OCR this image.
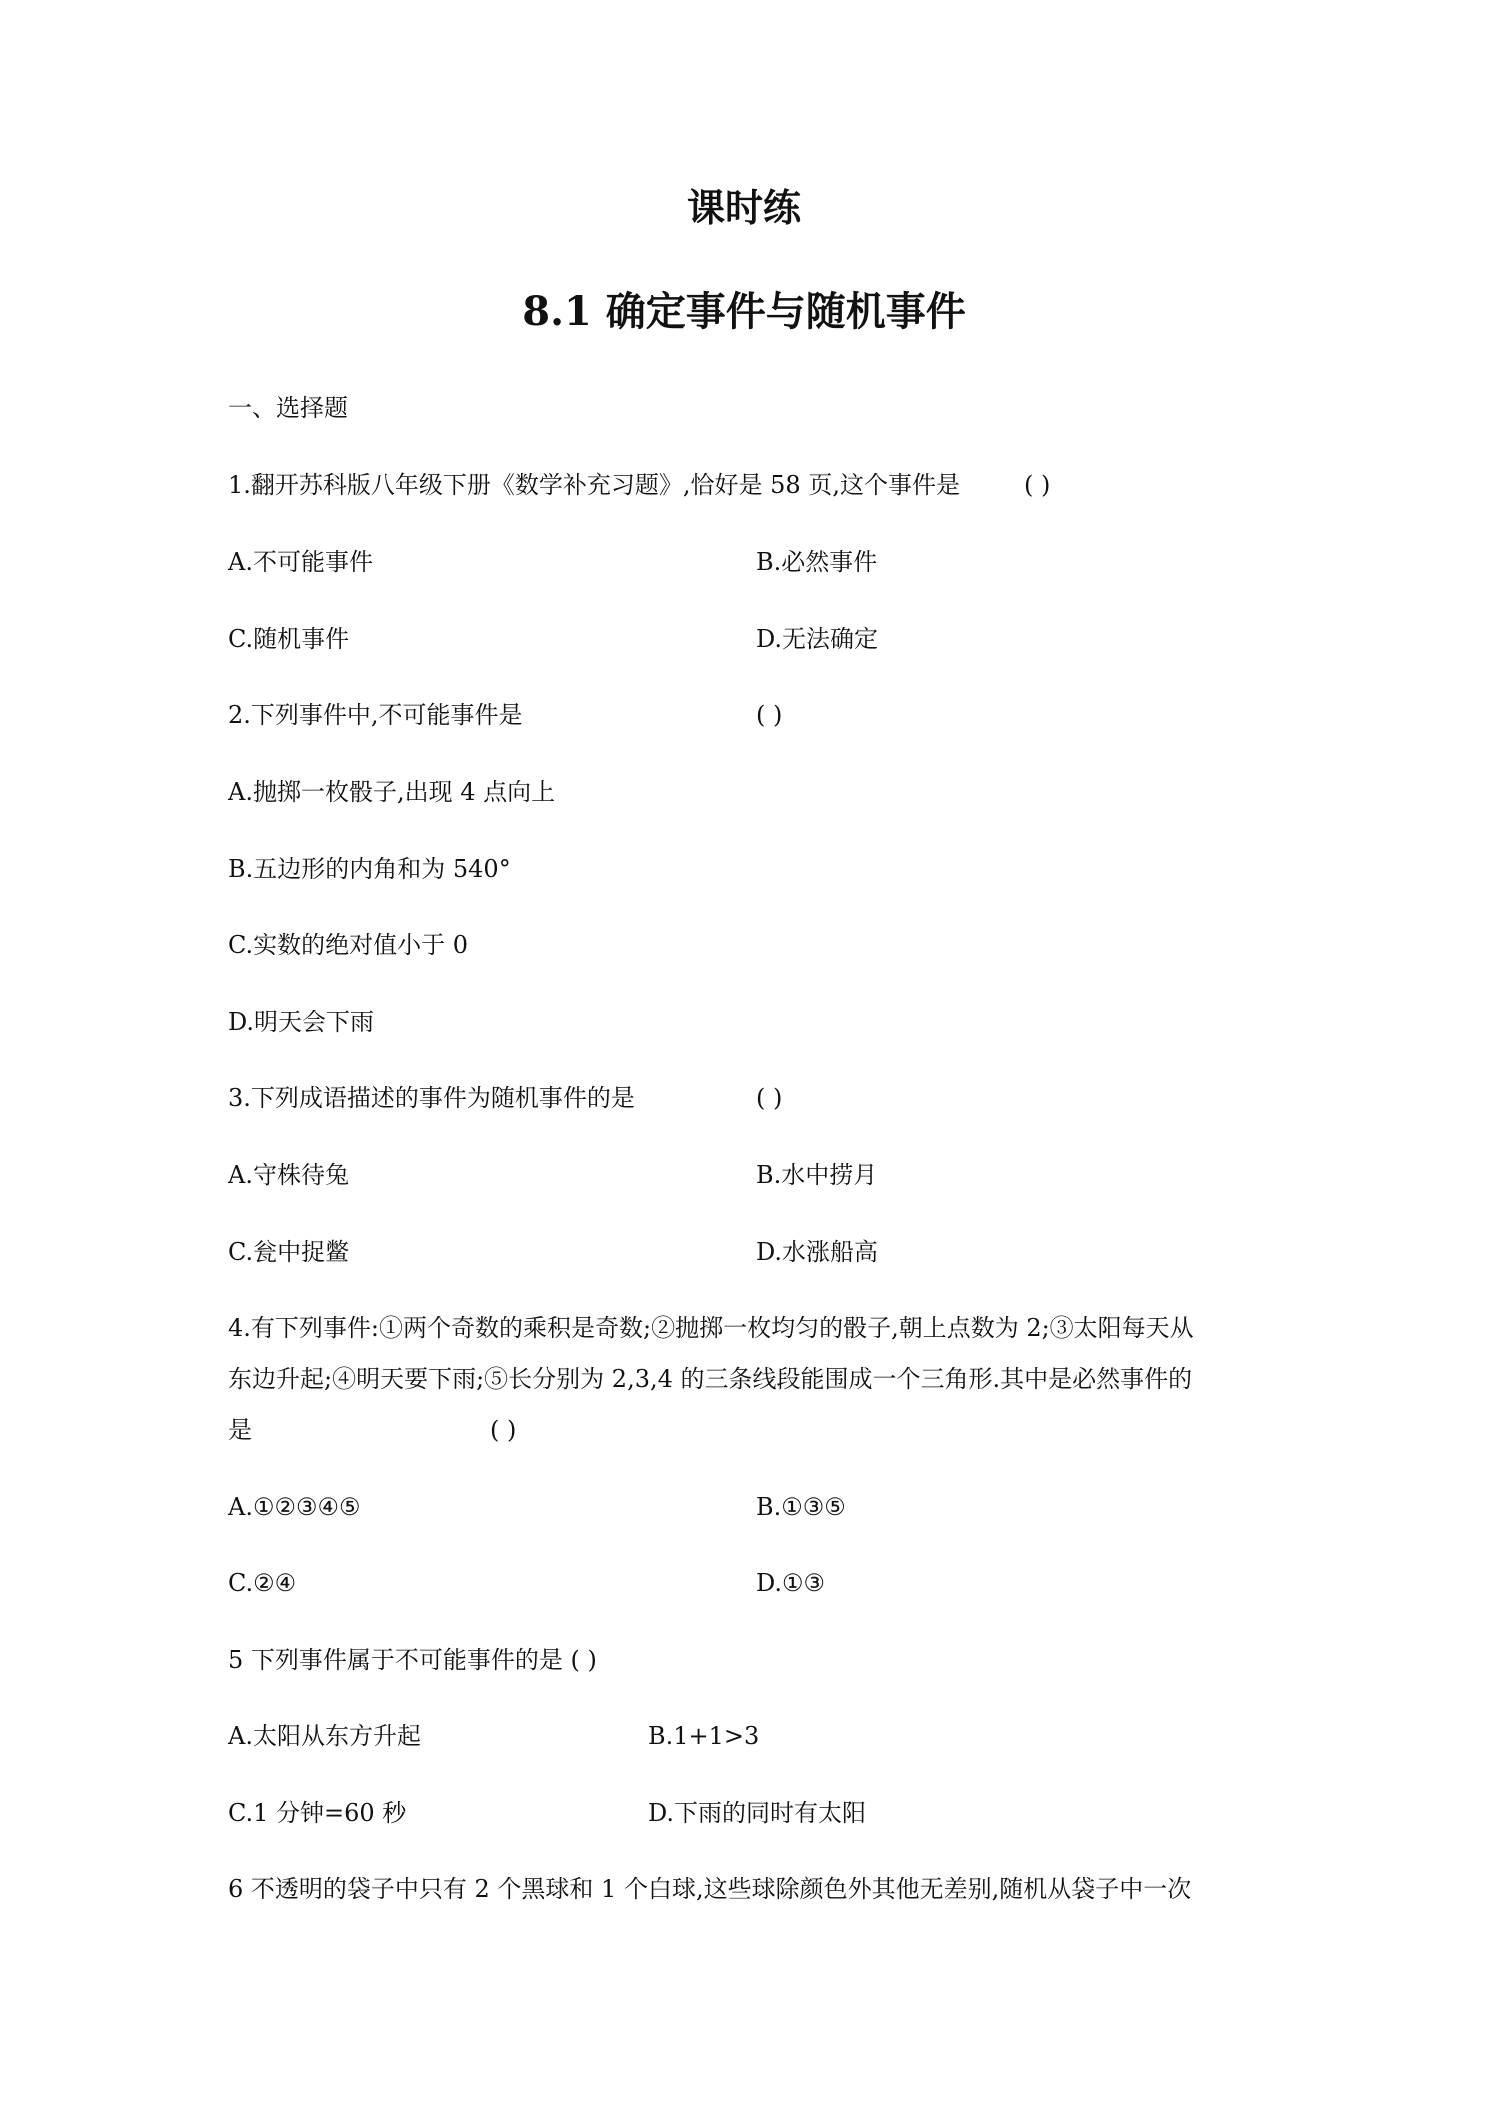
课时练
8.1 确定事件与随机事件
一、选择题
1.翻开苏科版八年级下册《数学补充习题》,恰好是 58 页,这个事件是	( )
A.不可能事件	B.必然事件
C.随机事件	D.无法确定
2.下列事件中,不可能事件是	( )
A.抛掷一枚骰子,出现 4 点向上
B.五边形的内角和为 540°
C.实数的绝对值小于 0
D.明天会下雨
3.下列成语描述的事件为随机事件的是	( )
A.守株待兔	B.水中捞月
C.瓮中捉鳖	D.水涨船高
4.有下列事件:①两个奇数的乘积是奇数;②抛掷一枚均匀的骰子,朝上点数为 2;③太阳每天从
东边升起;④明天要下雨;⑤长分别为 2,3,4 的三条线段能围成一个三角形.其中是必然事件的
是	( )
A.①②③④⑤	B.①③⑤
C.②④	D.①③
5 下列事件属于不可能事件的是 ( )
A.太阳从东方升起	B.1+1>3
C.1 分钟=60 秒	D.下雨的同时有太阳
6 不透明的袋子中只有 2 个黑球和 1 个白球,这些球除颜色外其他无差别,随机从袋子中一次
